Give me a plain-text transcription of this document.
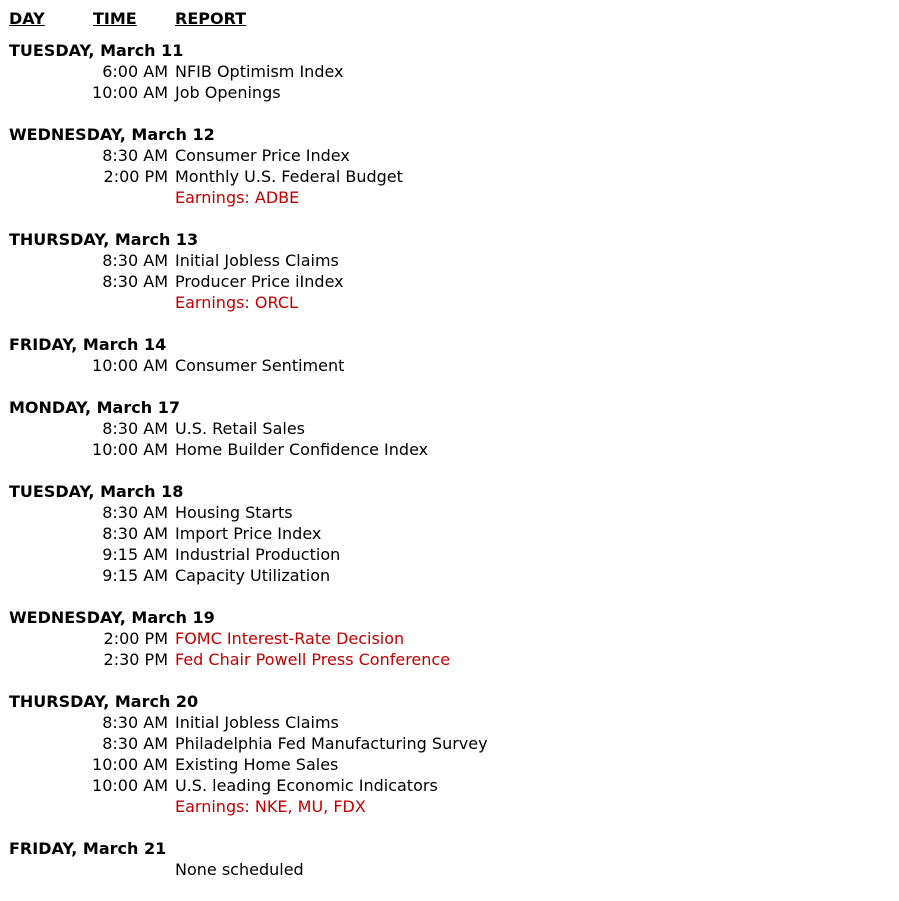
DAY	TIME REPORT
TUESDAY, March 11
6:00 AM NFIB Optimism Index
10:00 AM Job Openings
WEDNESDAY, March 12
8:30 AM Consumer Price Index
2:00 PM Monthly U.S. Federal Budget
Earnings: ADBE
THURSDAY, March 13
8:30 AM Initial Jobless Claims
8:30 AM Producer Price iIndex
Earnings: ORCL
FRIDAY, March 14
10:00 AM Consumer Sentiment
MONDAY, March 17
8:30 AM U.S. Retail Sales
10:00 AM Home Builder Confidence Index
TUESDAY, March 18
8:30 AM Housing Starts
8:30 AM Import Price Index
9:15 AM Industrial Production
9:15 AM Capacity Utilization
WEDNESDAY, March 19
2:00 PM FOMC Interest-Rate Decision
2:30 PM Fed Chair Powell Press Conference
THURSDAY, March 20
8:30 AM Initial Jobless Claims
8:30 AM Philadelphia Fed Manufacturing Survey
10:00 AM Existing Home Sales
10:00 AM U.S. leading Economic Indicators
Earnings: NKE, MU, FDX
FRIDAY, March 21
None scheduled
